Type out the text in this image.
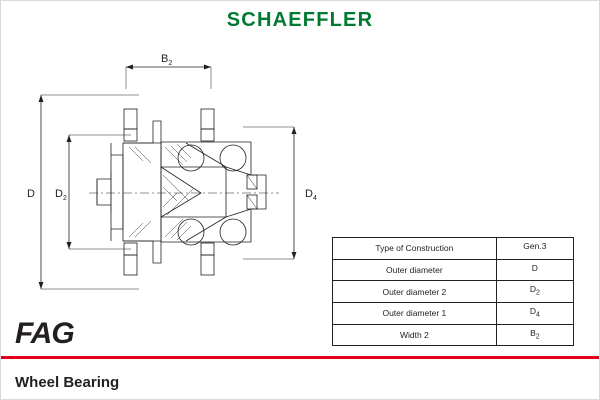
SCHAEFFLER
D $D_2$	$D_4$
$B_2$
Type of Construction	Gen.3
Outer diameter	D
Outer diameter 2	$D_2$
Outer diameter 1	$D_4$
Width 2	$B_2$
FAG
Wheel Bearing
